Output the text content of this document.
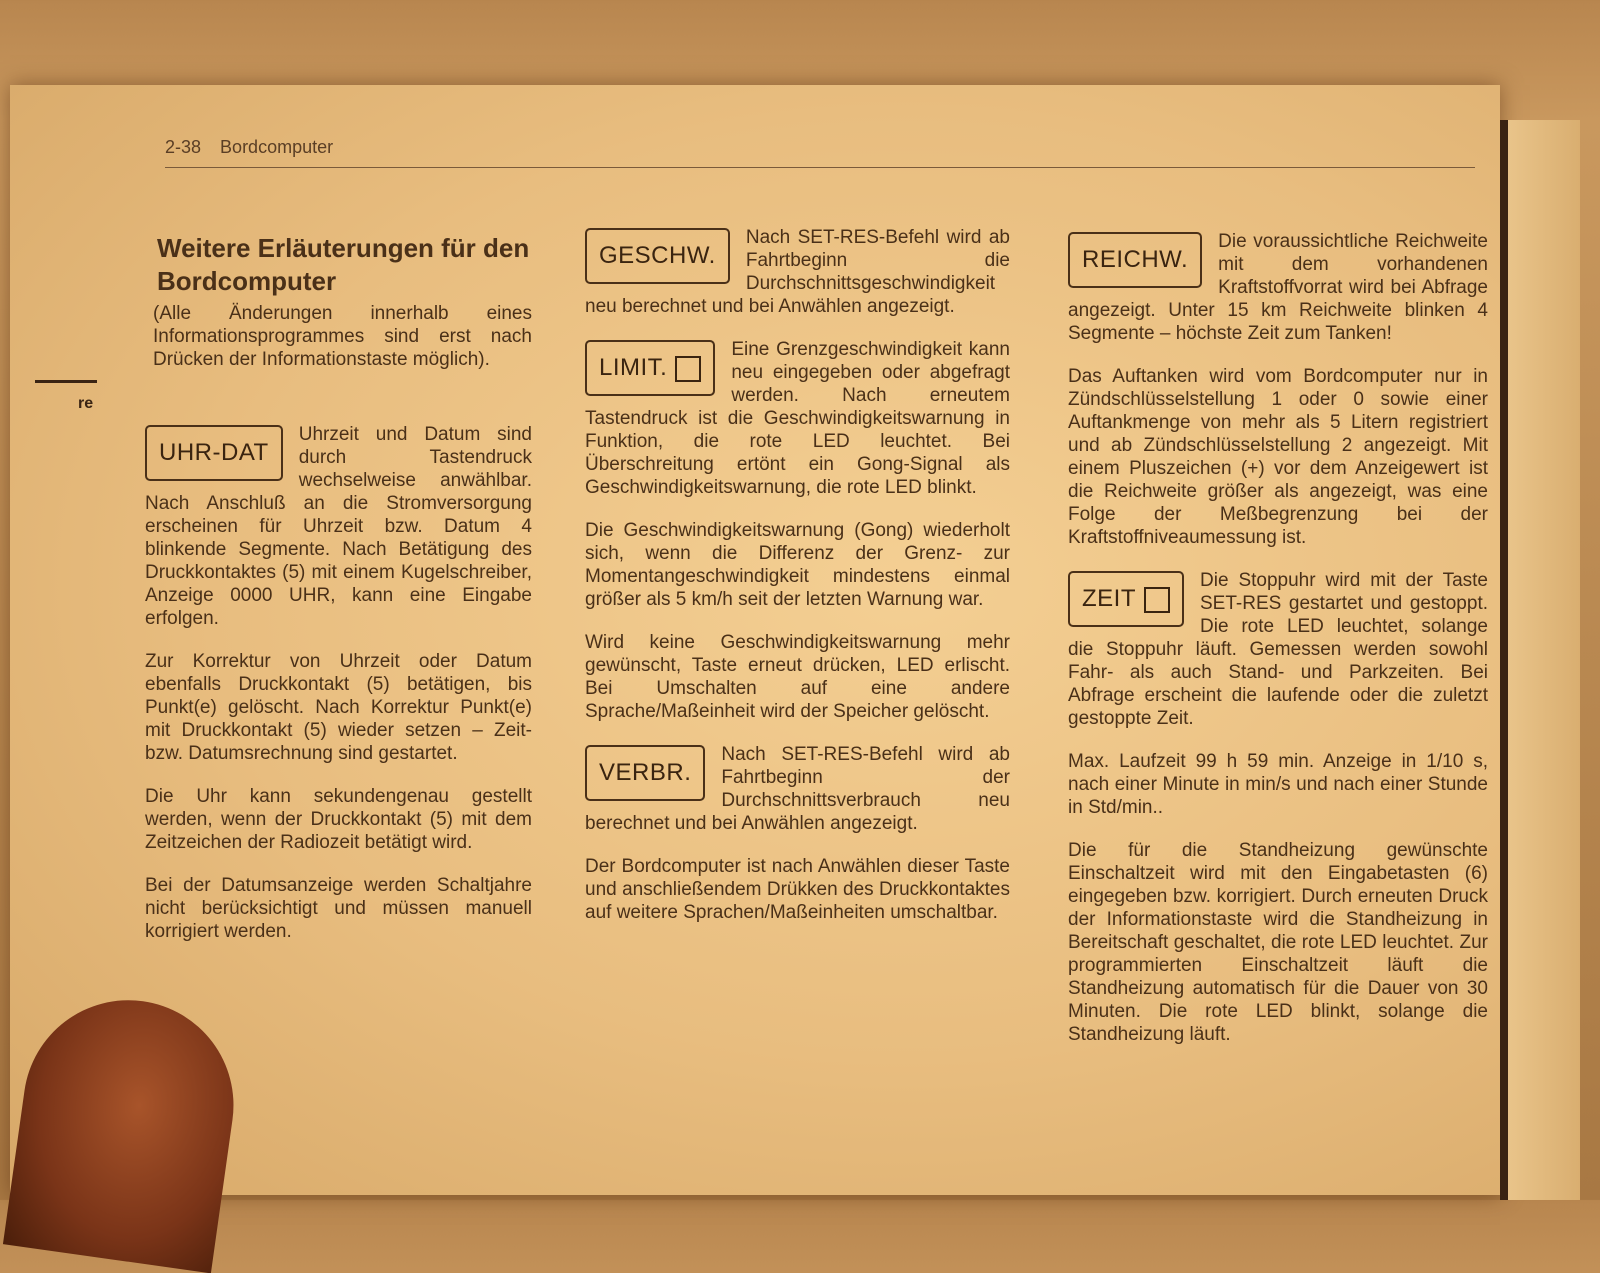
re
2-38 Bordcomputer
Weitere Erläuterungen für den Bordcomputer
(Alle Änderungen innerhalb eines Informationsprogrammes sind erst nach Drücken der Informationstaste möglich).
UHR-DAT

Uhrzeit und Datum sind durch Tastendruck wechselweise anwählbar. Nach Anschluß an die Stromversorgung erscheinen für Uhrzeit bzw. Datum 4 blinkende Segmente. Nach Betätigung des Druckkontaktes (5) mit einem Kugelschreiber, Anzeige 0000 UHR, kann eine Eingabe erfolgen.

Zur Korrektur von Uhrzeit oder Datum ebenfalls Druckkontakt (5) betätigen, bis Punkt(e) gelöscht. Nach Korrektur Punkt(e) mit Druckkontakt (5) wieder setzen – Zeit- bzw. Datumsrechnung sind gestartet.

Die Uhr kann sekundengenau gestellt werden, wenn der Druckkontakt (5) mit dem Zeitzeichen der Radiozeit betätigt wird.

Bei der Datumsanzeige werden Schaltjahre nicht berücksichtigt und müssen manuell korrigiert werden.

GESCHW.

Nach SET-RES-Befehl wird ab Fahrtbeginn die Durchschnittsgeschwindigkeit neu berechnet und bei Anwählen angezeigt.

LIMIT.

Eine Grenzgeschwindigkeit kann neu eingegeben oder abgefragt werden. Nach erneutem Tastendruck ist die Geschwindigkeitswarnung in Funktion, die rote LED leuchtet. Bei Überschreitung ertönt ein Gong-Signal als Geschwindigkeitswarnung, die rote LED blinkt.

Die Geschwindigkeitswarnung (Gong) wiederholt sich, wenn die Differenz der Grenz- zur Momentangeschwindigkeit mindestens einmal größer als 5 km/h seit der letzten Warnung war.

Wird keine Geschwindigkeitswarnung mehr gewünscht, Taste erneut drücken, LED erlischt. Bei Umschalten auf eine andere Sprache/Maßeinheit wird der Speicher gelöscht.

VERBR.

Nach SET-RES-Befehl wird ab Fahrtbeginn der Durchschnittsverbrauch neu berechnet und bei Anwählen angezeigt.

Der Bordcomputer ist nach Anwählen dieser Taste und anschließendem Drükken des Druckkontaktes auf weitere Sprachen/Maßeinheiten umschaltbar.

REICHW.

Die voraussichtliche Reichweite mit dem vorhandenen Kraftstoffvorrat wird bei Abfrage angezeigt. Unter 15 km Reichweite blinken 4 Segmente – höchste Zeit zum Tanken!

Das Auftanken wird vom Bordcomputer nur in Zündschlüsselstellung 1 oder 0 sowie einer Auftankmenge von mehr als 5 Litern registriert und ab Zündschlüsselstellung 2 angezeigt. Mit einem Pluszeichen (+) vor dem Anzeigewert ist die Reichweite größer als angezeigt, was eine Folge der Meßbegrenzung bei der Kraftstoffniveaumessung ist.

ZEIT

Die Stoppuhr wird mit der Taste SET-RES gestartet und gestoppt. Die rote LED leuchtet, solange die Stoppuhr läuft. Gemessen werden sowohl Fahr- als auch Stand- und Parkzeiten. Bei Abfrage erscheint die laufende oder die zuletzt gestoppte Zeit.

Max. Laufzeit 99 h 59 min. Anzeige in 1/10 s, nach einer Minute in min/s und nach einer Stunde in Std/min..

Die für die Standheizung gewünschte Einschaltzeit wird mit den Eingabetasten (6) eingegeben bzw. korrigiert. Durch erneuten Druck der Informationstaste wird die Standheizung in Bereitschaft geschaltet, die rote LED leuchtet. Zur programmierten Einschaltzeit läuft die Standheizung automatisch für die Dauer von 30 Minuten. Die rote LED blinkt, solange die Standheizung läuft.
